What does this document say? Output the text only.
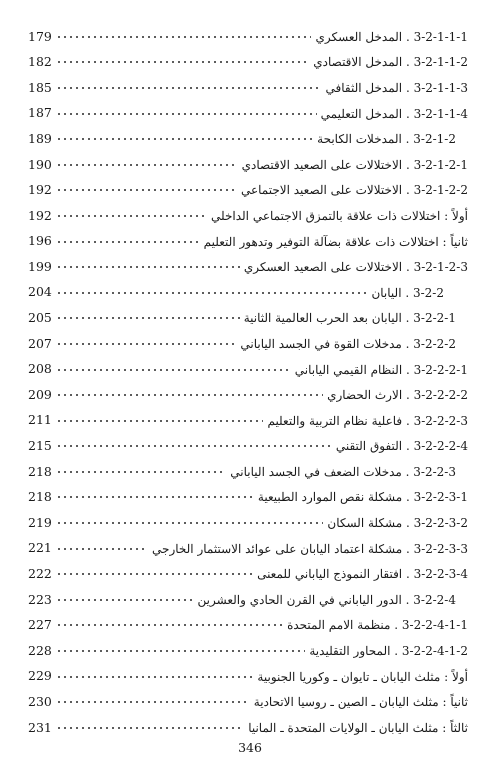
179	3-2-1-1-1 . المدخل العسكري
182	3-2-1-1-2 . المدخل الاقتصادي
185	3-2-1-1-3 . المدخل الثقافي
187	3-2-1-1-4 . المدخل التعليمي
189	3-2-1-2 . المدخلات الكابحة
190	3-2-1-2-1 . الاختلالات على الصعيد الاقتصادي
192	3-2-1-2-2 . الاختلالات على الصعيد الاجتماعي
192	أولاً : اختلالات ذات علاقة بالتمزق الاجتماعي الداخلي
196	ثانياً : اختلالات ذات علاقة بضآلة التوفير وتدهور التعليم
199	3-2-1-2-3 . الاختلالات على الصعيد العسكري
204	3-2-2 . اليابان
205	3-2-2-1 . اليابان بعد الحرب العالمية الثانية
207	3-2-2-2 . مدخلات القوة في الجسد الياباني
208	3-2-2-2-1 . النظام القيمي الياباني
209	3-2-2-2-2 . الارث الحضاري
211	3-2-2-2-3 . فاعلية نظام التربية والتعليم
215	3-2-2-2-4 . التفوق التقني
218	3-2-2-3 . مدخلات الضعف في الجسد الياباني
218	3-2-2-3-1 . مشكلة نقص الموارد الطبيعية
219	3-2-2-3-2 . مشكلة السكان
221	3-2-2-3-3 . مشكلة اعتماد اليابان على عوائد الاستثمار الخارجي
222	3-2-2-3-4 . افتقار النموذج الياباني للمعنى
223	3-2-2-4 . الدور الياباني في القرن الحادي والعشرين
227	3-2-2-4-1-1 . منظمة الامم المتحدة
228	3-2-2-4-1-2 . المحاور التقليدية
229	أولاً : مثلث اليابان ـ تايوان ـ وكوريا الجنوبية
230	ثانياً : مثلث اليابان ـ الصين ـ روسيا الاتحادية
231	ثالثاً : مثلث اليابان ـ الولايات المتحدة ـ المانيا
346
